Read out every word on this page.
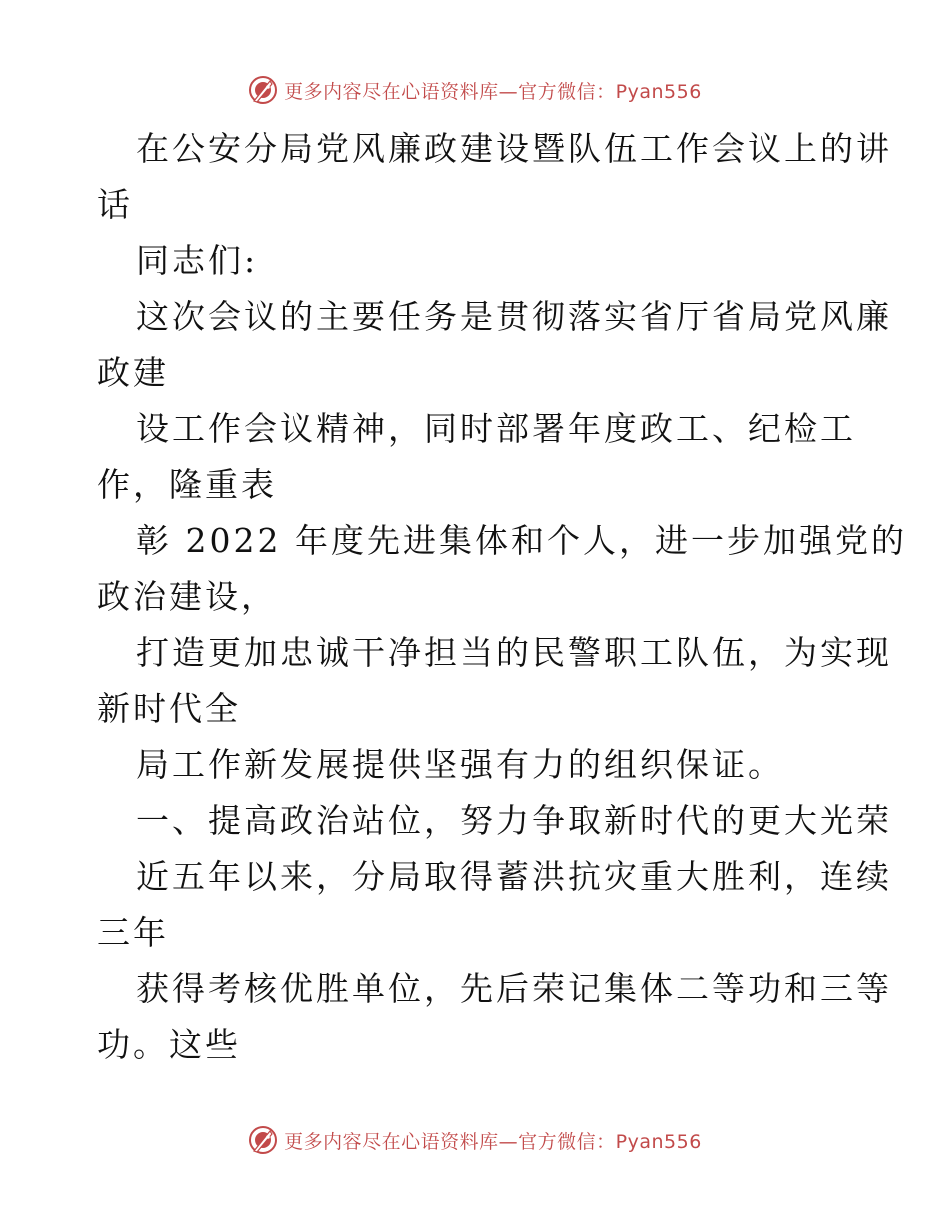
更多内容尽在心语资料库—官方微信：Pyan556
在公安分局党风廉政建设暨队伍工作会议上的讲
话
同志们:
这次会议的主要任务是贯彻落实省厅省局党风廉
政建
设工作会议精神，同时部署年度政工、纪检工
作，隆重表
彰 2022 年度先进集体和个人，进一步加强党的
政治建设，
打造更加忠诚干净担当的民警职工队伍，为实现
新时代全
局工作新发展提供坚强有力的组织保证。
一、提高政治站位，努力争取新时代的更大光荣
近五年以来，分局取得蓄洪抗灾重大胜利，连续
三年
获得考核优胜单位，先后荣记集体二等功和三等
功。这些
更多内容尽在心语资料库—官方微信：Pyan556
